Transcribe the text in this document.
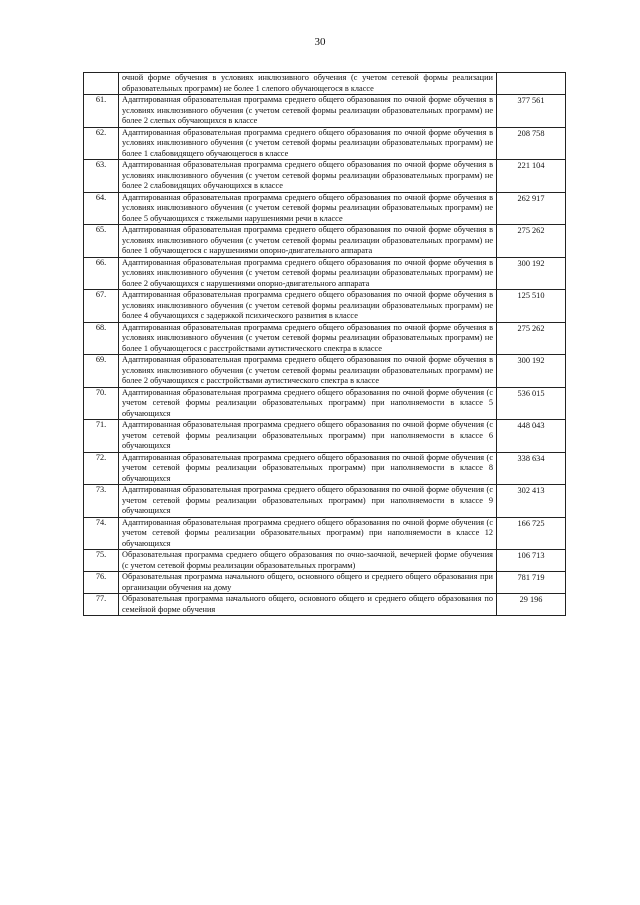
30
	очной форме обучения в условиях инклюзивного обучения (с учетом сетевой формы реализации образовательных программ) не более 1 слепого обучающегося в классе	
61.	Адаптированная образовательная программа среднего общего образования по очной форме обучения в условиях инклюзивного обучения (с учетом сетевой формы реализации образовательных программ) не более 2 слепых обучающихся в классе	377 561
62.	Адаптированная образовательная программа среднего общего образования по очной форме обучения в условиях инклюзивного обучения (с учетом сетевой формы реализации образовательных программ) не более 1 слабовидящего обучающегося в классе	208 758
63.	Адаптированная образовательная программа среднего общего образования по очной форме обучения в условиях инклюзивного обучения (с учетом сетевой формы реализации образовательных программ) не более 2 слабовидящих обучающихся в классе	221 104
64.	Адаптированная образовательная программа среднего общего образования по очной форме обучения в условиях инклюзивного обучения (с учетом сетевой формы реализации образовательных программ) не более 5 обучающихся с тяжелыми нарушениями речи в классе	262 917
65.	Адаптированная образовательная программа среднего общего образования по очной форме обучения в условиях инклюзивного обучения (с учетом сетевой формы реализации образовательных программ) не более 1 обучающегося с нарушениями опорно-двигательного аппарата	275 262
66.	Адаптированная образовательная программа среднего общего образования по очной форме обучения в условиях инклюзивного обучения (с учетом сетевой формы реализации образовательных программ) не более 2 обучающихся с нарушениями опорно-двигательного аппарата	300 192
67.	Адаптированная образовательная программа среднего общего образования по очной форме обучения в условиях инклюзивного обучения (с учетом сетевой формы реализации образовательных программ) не более 4 обучающихся с задержкой психического развития в классе	125 510
68.	Адаптированная образовательная программа среднего общего образования по очной форме обучения в условиях инклюзивного обучения (с учетом сетевой формы реализации образовательных программ) не более 1 обучающегося с расстройствами аутистического спектра в классе	275 262
69.	Адаптированная образовательная программа среднего общего образования по очной форме обучения в условиях инклюзивного обучения (с учетом сетевой формы реализации образовательных программ) не более 2 обучающихся с расстройствами аутистического спектра в классе	300 192
70.	Адаптированная образовательная программа среднего общего образования по очной форме обучения (с учетом сетевой формы реализации образовательных программ) при наполняемости в классе 5 обучающихся	536 015
71.	Адаптированная образовательная программа среднего общего образования по очной форме обучения (с учетом сетевой формы реализации образовательных программ) при наполняемости в классе 6 обучающихся	448 043
72.	Адаптированная образовательная программа среднего общего образования по очной форме обучения (с учетом сетевой формы реализации образовательных программ) при наполняемости в классе 8 обучающихся	338 634
73.	Адаптированная образовательная программа среднего общего образования по очной форме обучения (с учетом сетевой формы реализации образовательных программ) при наполняемости в классе 9 обучающихся	302 413
74.	Адаптированная образовательная программа среднего общего образования по очной форме обучения (с учетом сетевой формы реализации образовательных программ) при наполняемости в классе 12 обучающихся	166 725
75.	Образовательная программа среднего общего образования по очно-заочной, вечерней форме обучения (с учетом сетевой формы реализации образовательных программ)	106 713
76.	Образовательная программа начального общего, основного общего и среднего общего образования при организации обучения на дому	781 719
77.	Образовательная программа начального общего, основного общего и среднего общего образования по семейной форме обучения	29 196
